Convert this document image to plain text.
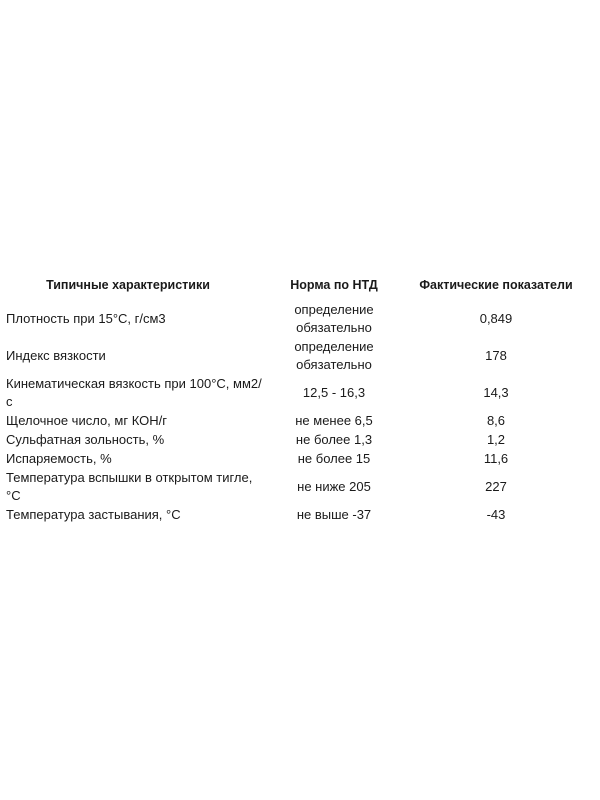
Типичные характеристики	Норма по НТД	Фактические показатели
Плотность при 15°С, г/см3	определение обязательно	0,849
Индекс вязкости	определение обязательно	178
Кинематическая вязкость при 100°С, мм2/с	12,5 - 16,3	14,3
Щелочное число, мг КОН/г	не менее 6,5	8,6
Сульфатная зольность, %	не более 1,3	1,2
Испаряемость, %	не более 15	11,6
Температура вспышки в открытом тигле, °С	не ниже 205	227
Температура застывания, °С	не выше -37	-43
